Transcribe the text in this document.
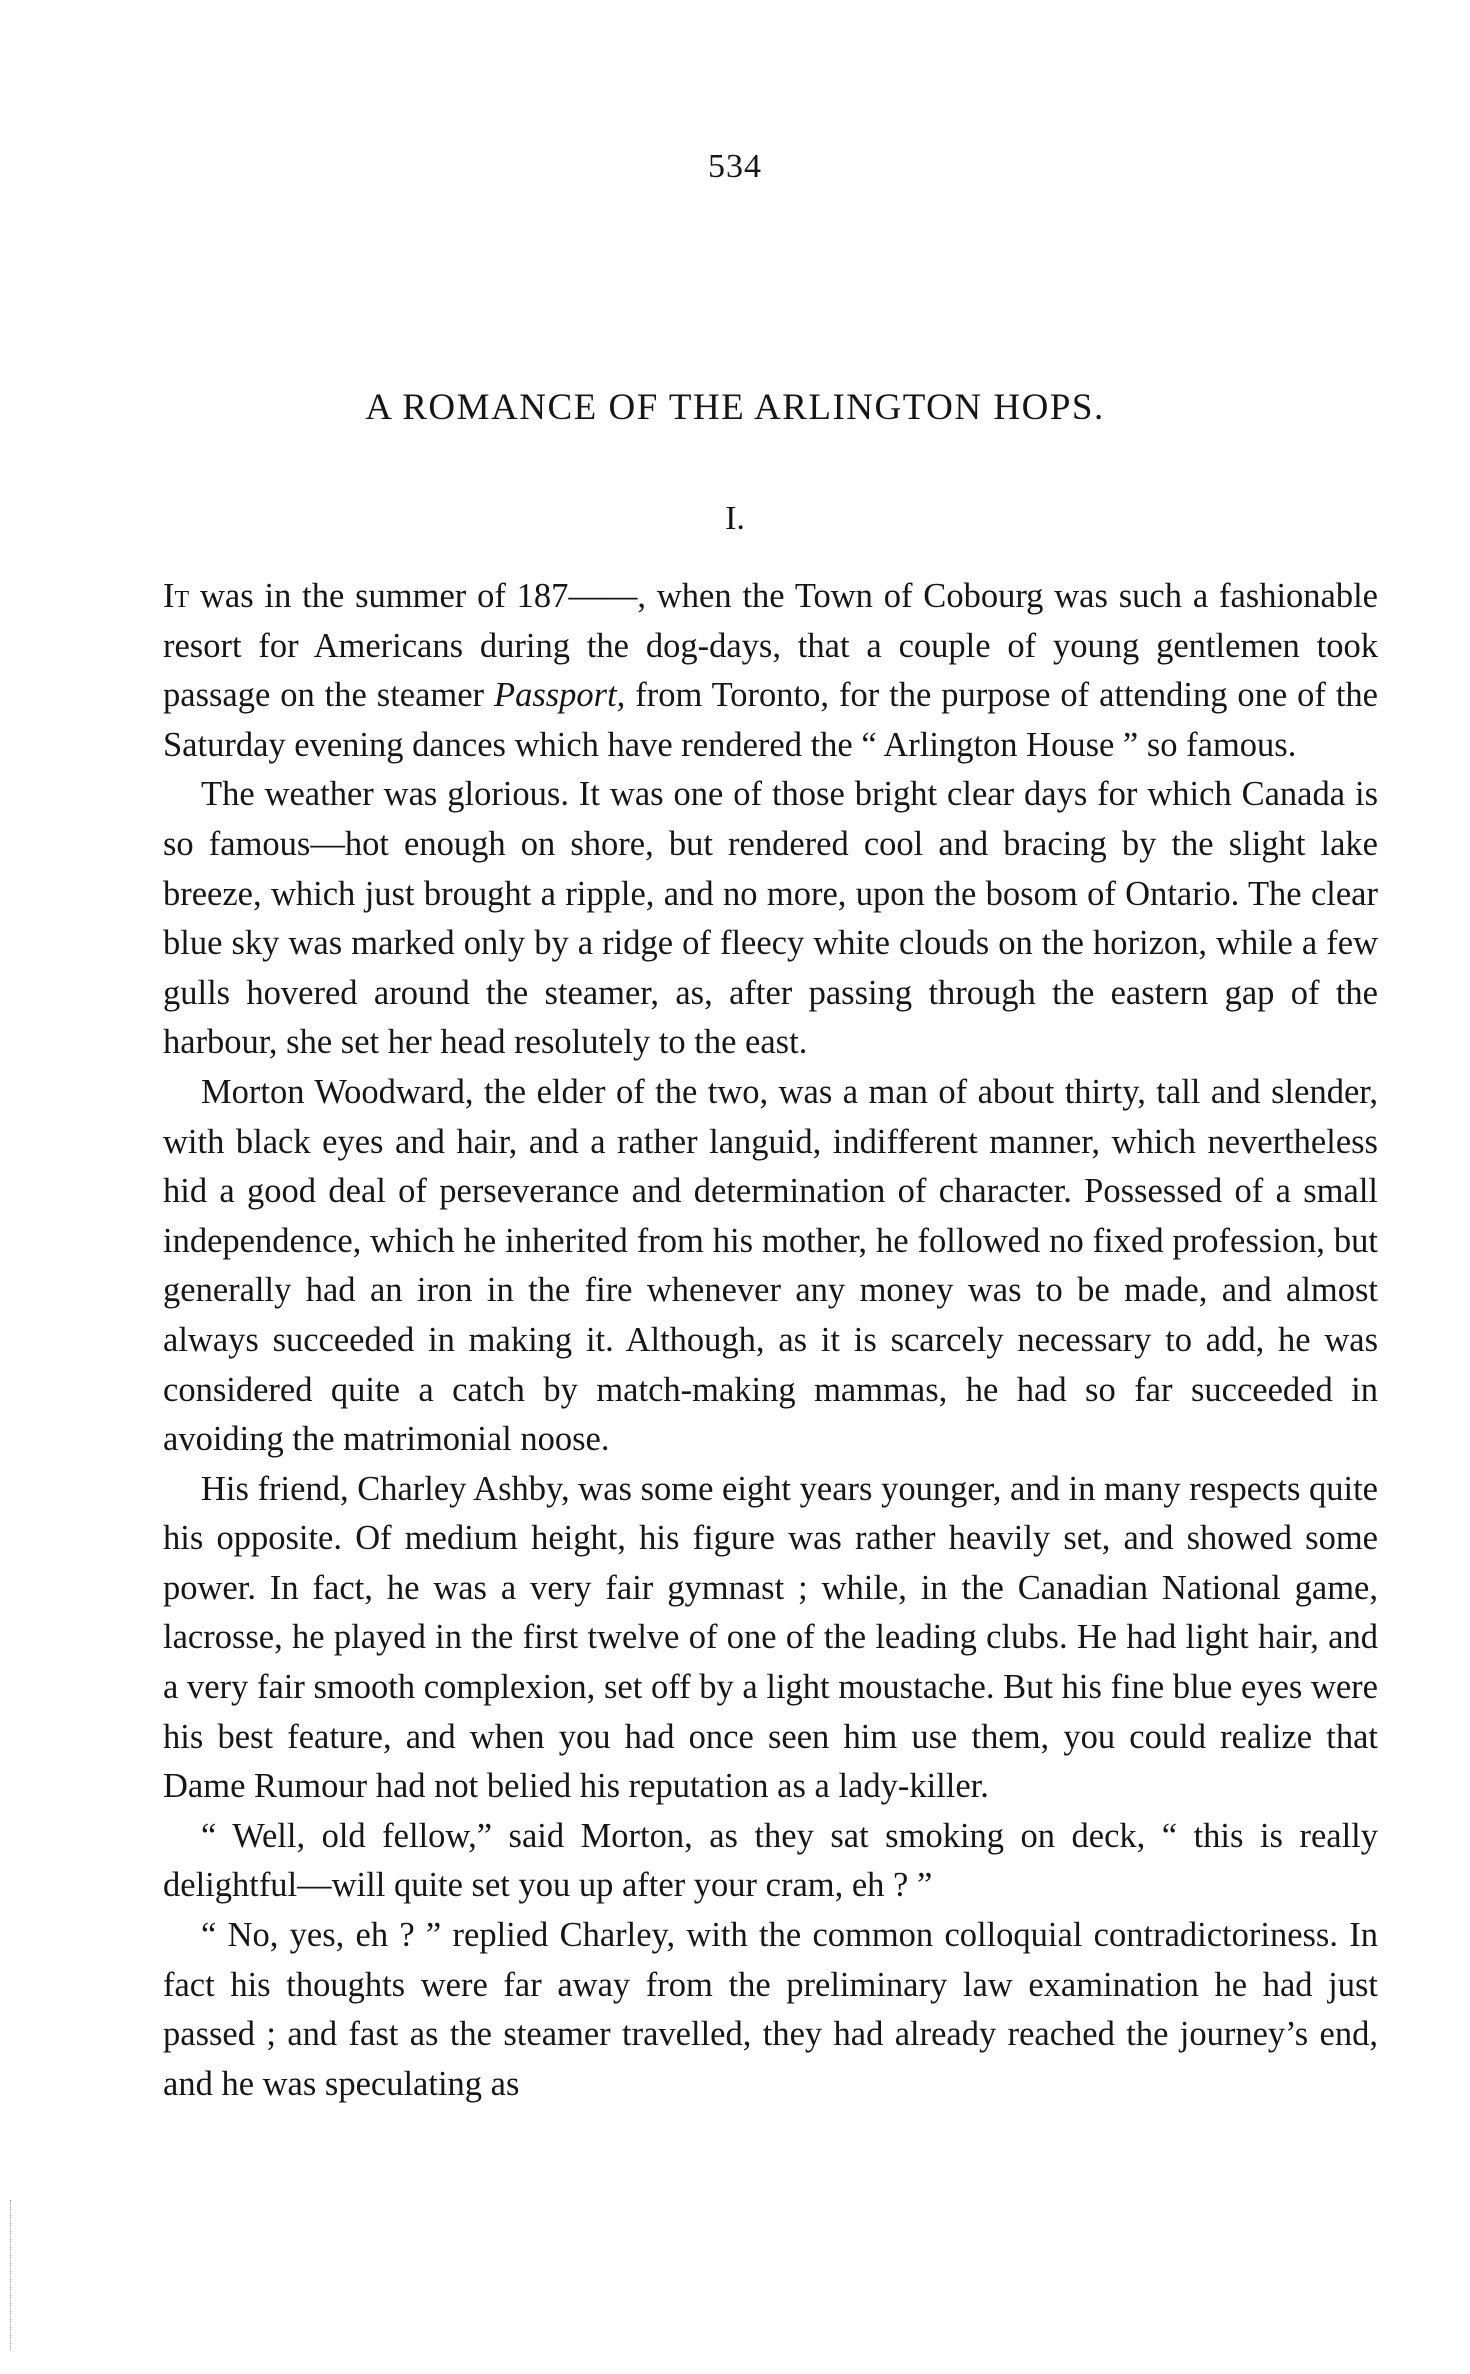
534
A ROMANCE OF THE ARLINGTON HOPS.
I.

It was in the summer of 187——, when the Town of Cobourg was such a fashionable resort for Americans during the dog-days, that a couple of young gentlemen took passage on the steamer Passport, from Toronto, for the purpose of attending one of the Saturday evening dances which have rendered the “ Arlington House ” so famous.

The weather was glorious. It was one of those bright clear days for which Canada is so famous—hot enough on shore, but rendered cool and bracing by the slight lake breeze, which just brought a ripple, and no more, upon the bosom of Ontario. The clear blue sky was marked only by a ridge of fleecy white clouds on the horizon, while a few gulls hovered around the steamer, as, after passing through the eastern gap of the harbour, she set her head resolutely to the east.

Morton Woodward, the elder of the two, was a man of about thirty, tall and slender, with black eyes and hair, and a rather languid, indifferent manner, which nevertheless hid a good deal of perseverance and determination of character. Possessed of a small independence, which he inherited from his mother, he followed no fixed profession, but generally had an iron in the fire whenever any money was to be made, and almost always succeeded in making it. Although, as it is scarcely necessary to add, he was considered quite a catch by match-making mammas, he had so far succeeded in avoiding the matrimonial noose.

His friend, Charley Ashby, was some eight years younger, and in many respects quite his opposite. Of medium height, his figure was rather heavily set, and showed some power. In fact, he was a very fair gymnast ; while, in the Canadian National game, lacrosse, he played in the first twelve of one of the leading clubs. He had light hair, and a very fair smooth complexion, set off by a light moustache. But his fine blue eyes were his best feature, and when you had once seen him use them, you could realize that Dame Rumour had not belied his reputation as a lady-killer.

“ Well, old fellow,” said Morton, as they sat smoking on deck, “ this is really delightful—will quite set you up after your cram, eh ? ”

“ No, yes, eh ? ” replied Charley, with the common colloquial contradictoriness. In fact his thoughts were far away from the preliminary law examination he had just passed ; and fast as the steamer travelled, they had already reached the journey’s end, and he was speculating as
